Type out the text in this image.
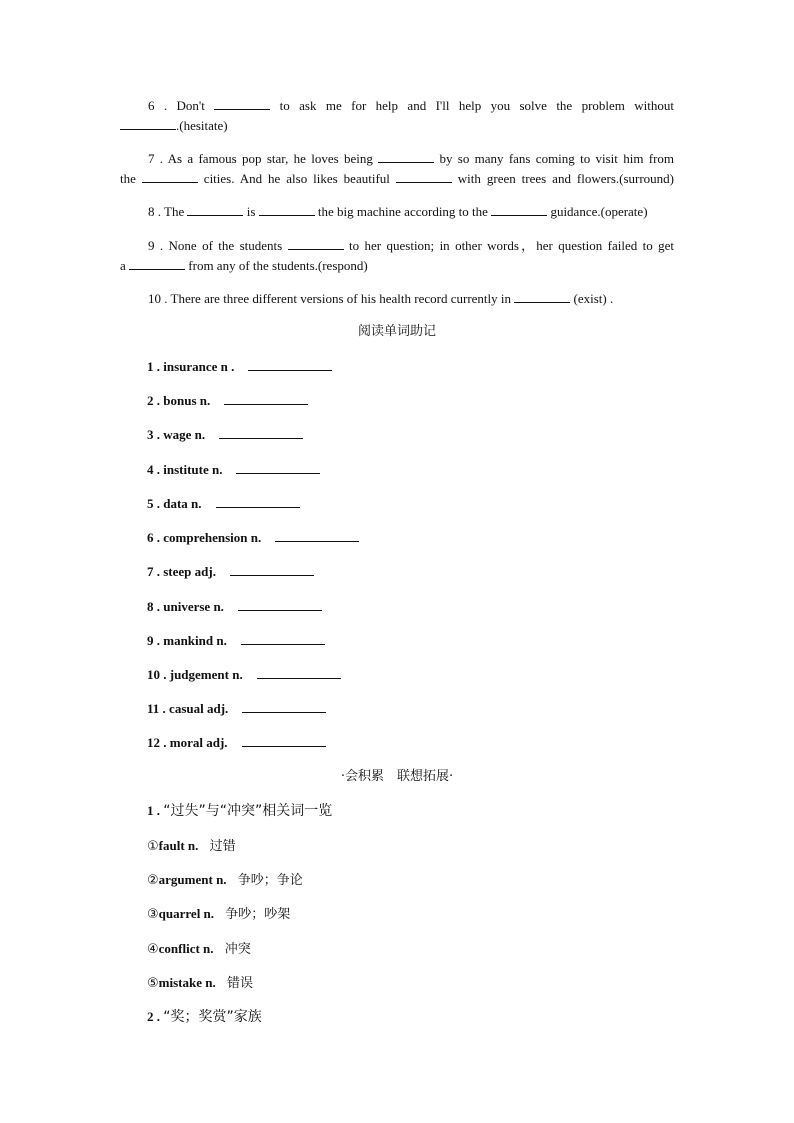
6 . Don't	to ask me for help and I'll help you solve the problem without
.(hesitate)
7 . As a famous pop star, he loves being	by so many fans coming to visit him from
the	cities. And he also likes beautiful	with green trees and flowers.(surround)
8 . The	is	the big machine according to the	guidance.(operate)
9 . None of the students	to her question; in other words，her question failed to get
a	from any of the students.(respond)
10 . There are three different versions of his health record currently in	(exist) .
阅读单词助记
1 . insurance n .
2 . bonus n.
3 . wage n.
4 . institute n.
5 . data n.
6 . comprehension n.
7 . steep adj.
8 . universe n.
9 . mankind n.
10 . judgement n.
11 . casual adj.
12 . moral adj.
·会积累　联想拓展·
1 . “过失”与“冲突”相关词一览
①fault n. 过错
②argument n. 争吵；争论
③quarrel n. 争吵；吵架
④conflict n. 冲突
⑤mistake n. 错误
2 . “奖；奖赏”家族
